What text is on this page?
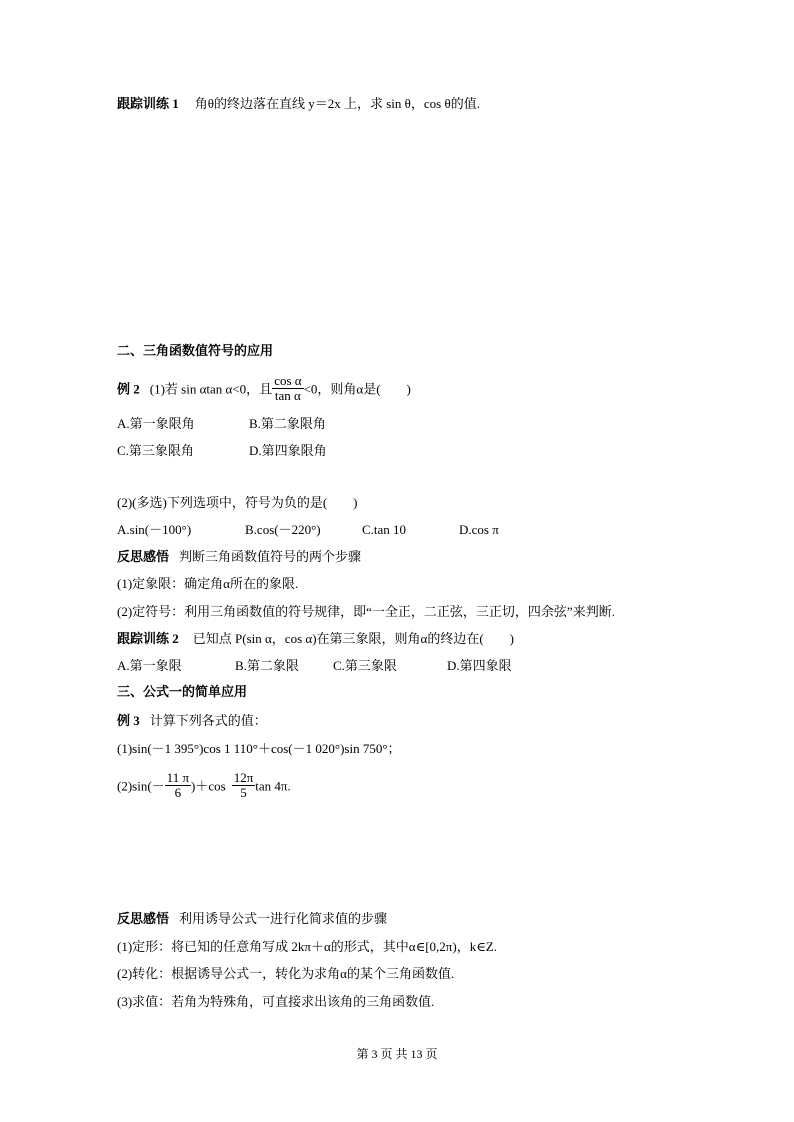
跟踪训练 1 角θ的终边落在直线 y＝2x 上，求 sin θ，cos θ的值.
二、三角函数值符号的应用
例 2 (1)若 sin αtan α<0，且 $\frac{\text{cos α}}{\text{tan α}} <0$，则角α是(　　)
A.第一象限角	B.第二象限角
C.第三象限角	D.第四象限角
(2)(多选)下列选项中，符号为负的是(　　)
A.sin(－100°)	B.cos(－220°)	C.tan 10	D.cos π
反思感悟 判断三角函数值符号的两个步骤
(1)定象限：确定角α所在的象限.
(2)定符号：利用三角函数值的符号规律，即“一全正，二正弦，三正切，四余弦”来判断.
跟踪训练 2 已知点 P(sin α，cos α)在第三象限，则角α的终边在(　　)
A.第一象限	B.第二象限	C.第三象限	D.第四象限
三、公式一的简单应用
例 3 计算下列各式的值：
(1)sin(－1 395°)cos 1 110°＋cos(－1 020°)sin 750°；
$(2)\sin(- \frac{11 \pi}{6} )+\cos \frac{12\pi}{5}$ tan 4π.
反思感悟 利用诱导公式一进行化简求值的步骤
(1)定形：将已知的任意角写成 2kπ＋α的形式，其中α∈[0,2π)，k∈Z.
(2)转化：根据诱导公式一，转化为求角α的某个三角函数值.
(3)求值：若角为特殊角，可直接求出该角的三角函数值.
第 3 页 共 13 页
